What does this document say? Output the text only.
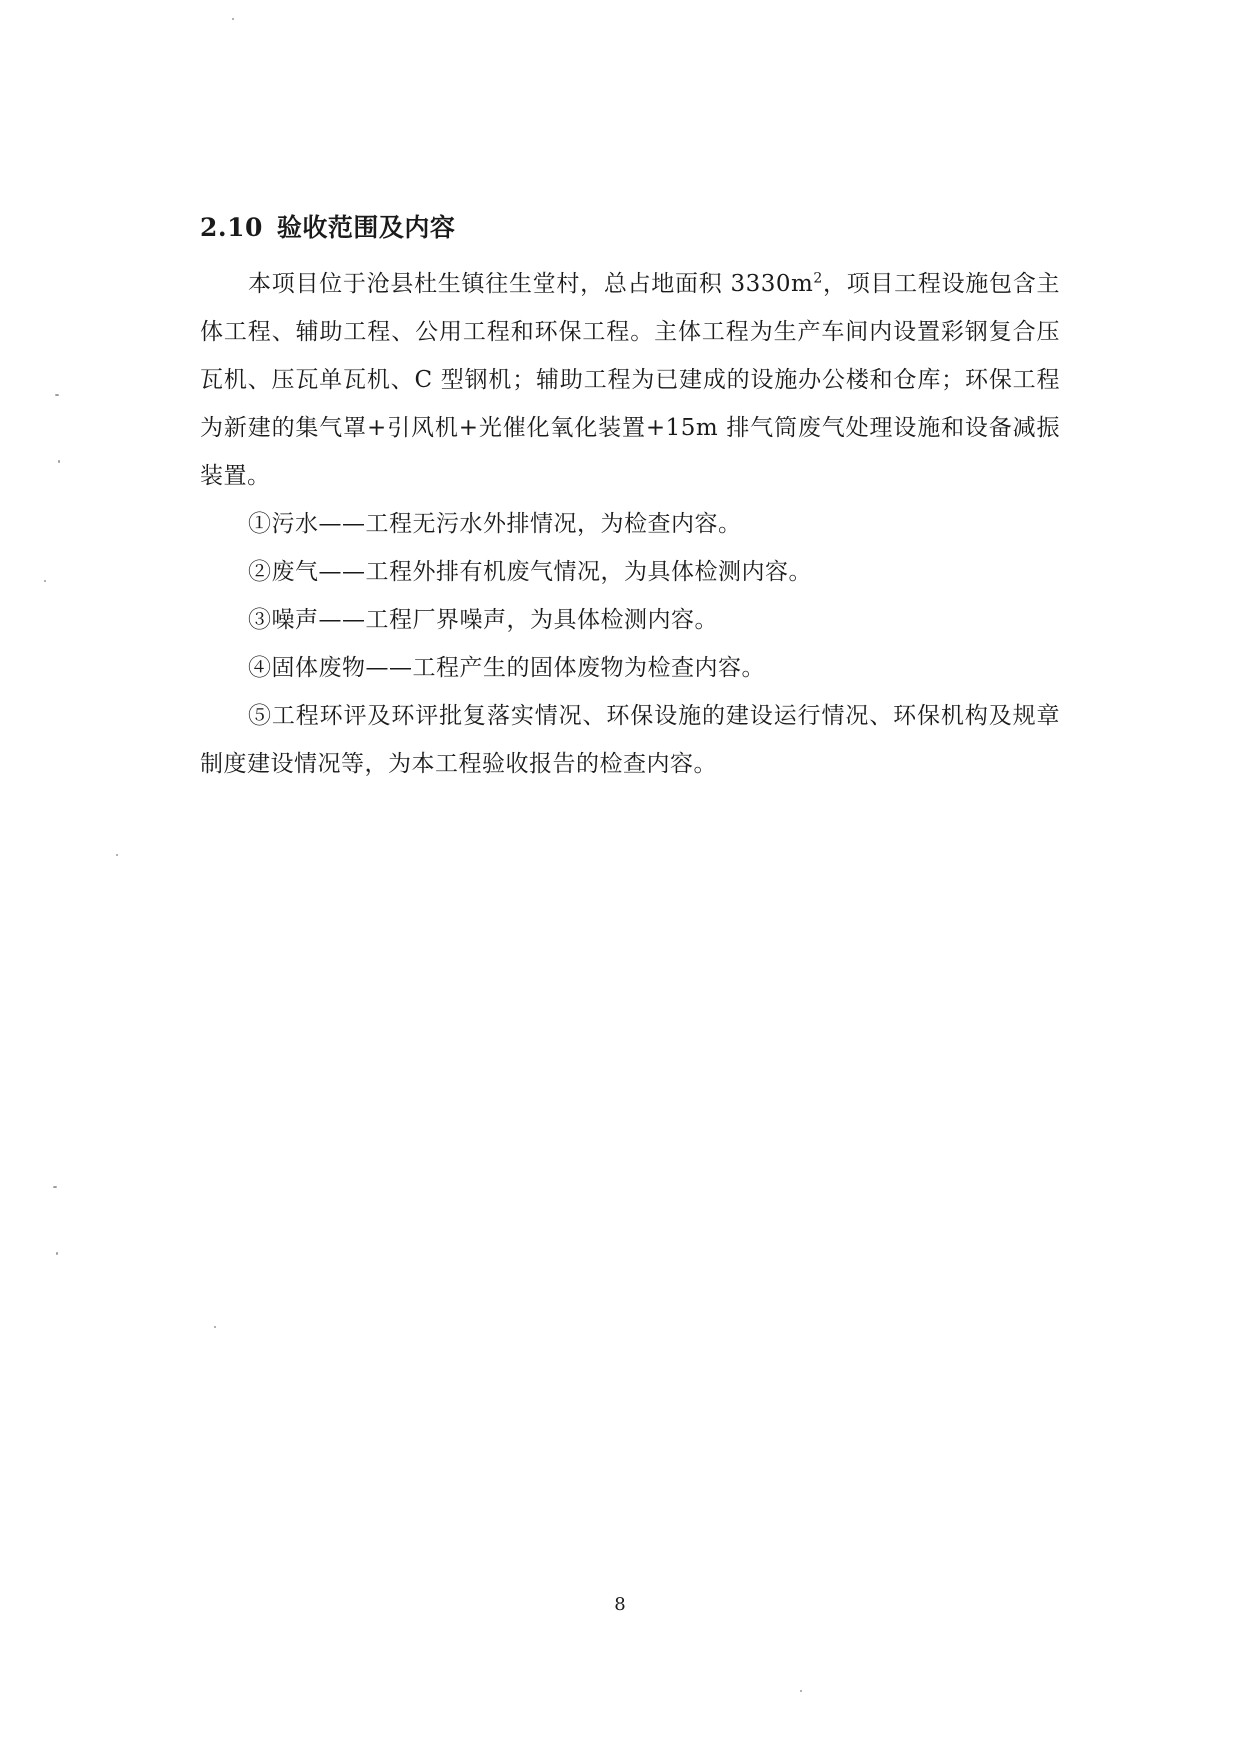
2.10 验收范围及内容

本项目位于沧县杜生镇往生堂村，总占地面积 $3330m^2$，项目工程设施包含主体工程、辅助工程、公用工程和环保工程。主体工程为生产车间内设置彩钢复合压瓦机、压瓦单瓦机、C 型钢机；辅助工程为已建成的设施办公楼和仓库；环保工程为新建的集气罩+引风机+光催化氧化装置+15m 排气筒废气处理设施和设备减振装置。

①污水——工程无污水外排情况，为检查内容。

②废气——工程外排有机废气情况，为具体检测内容。

③噪声——工程厂界噪声，为具体检测内容。

④固体废物——工程产生的固体废物为检查内容。

⑤工程环评及环评批复落实情况、环保设施的建设运行情况、环保机构及规章制度建设情况等，为本工程验收报告的检查内容。

8
